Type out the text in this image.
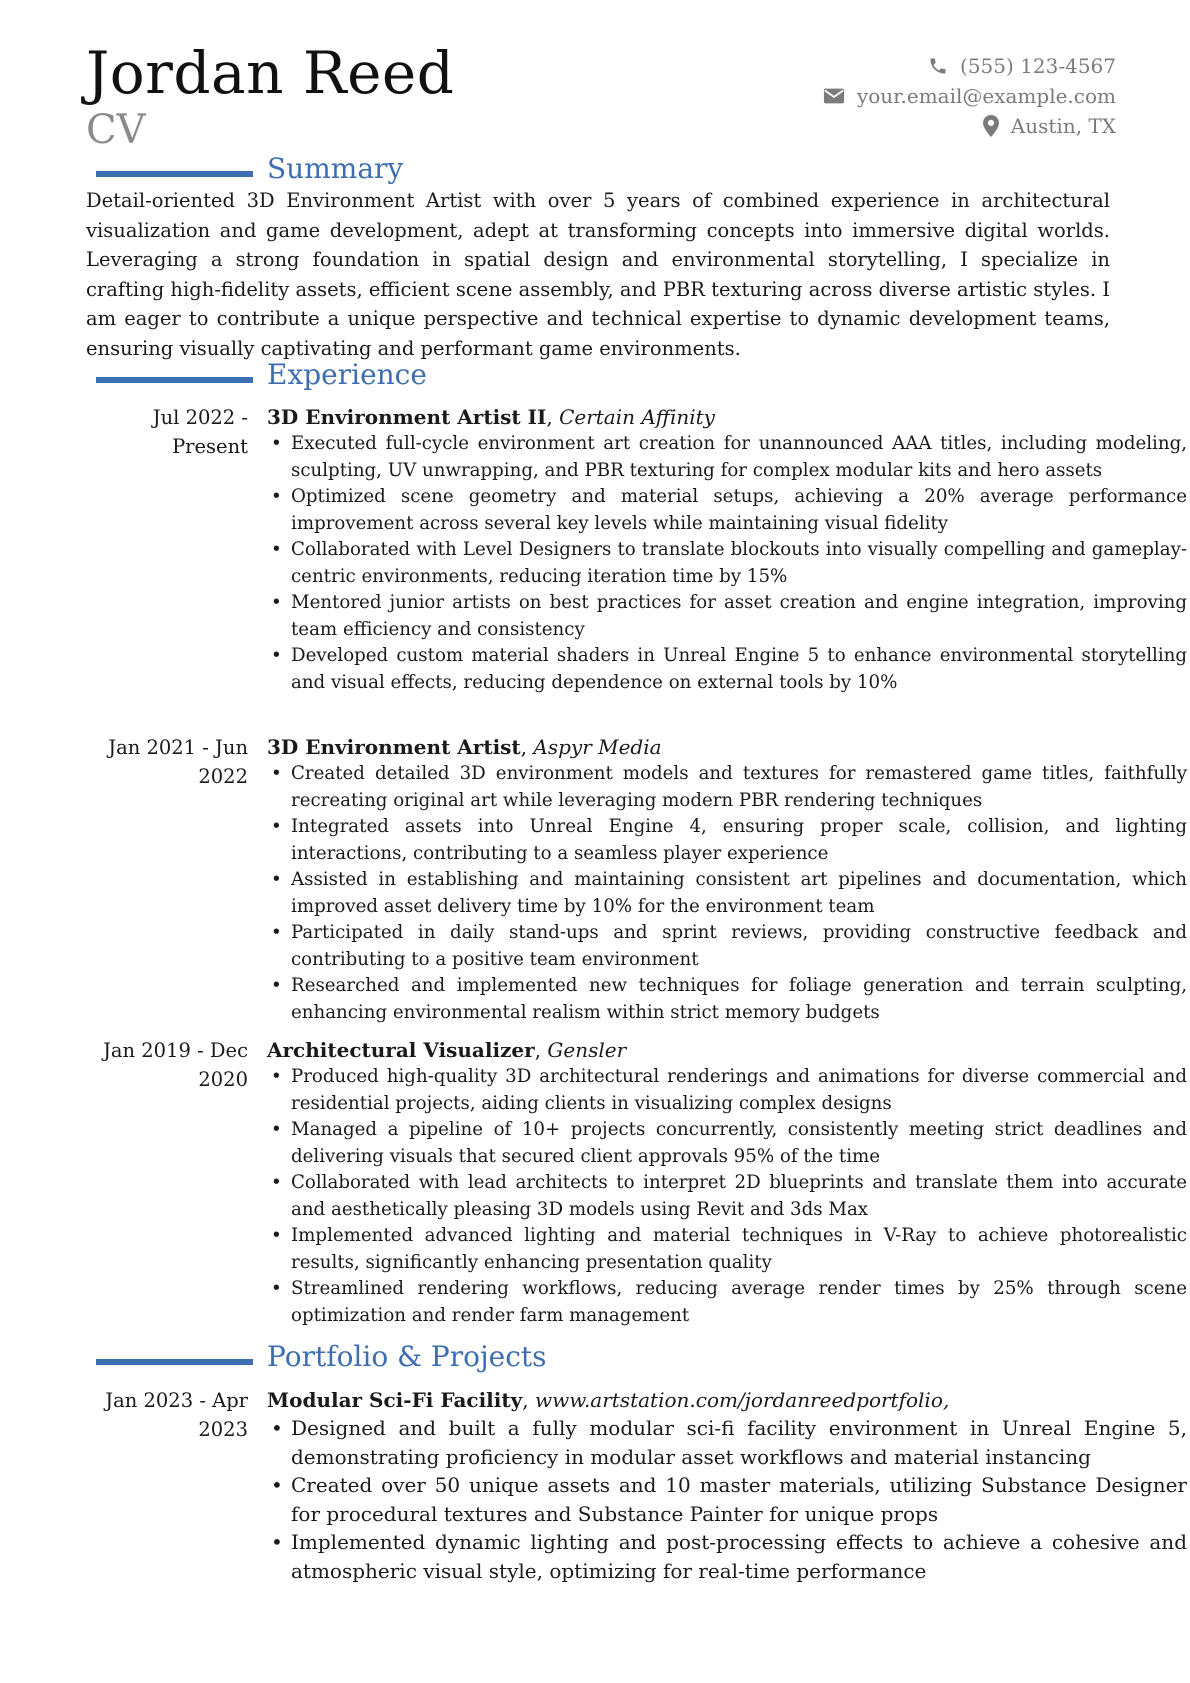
Jordan Reed
CV
(555) 123-4567
your.email@example.com
Austin, TX
Summary

Detail-oriented 3D Environment Artist with over 5 years of combined experience in architectural visualization and game development, adept at transforming concepts into immersive digital worlds. Leveraging a strong foundation in spatial design and environmental storytelling, I specialize in crafting high-fidelity assets, efficient scene assembly, and PBR texturing across diverse artistic styles. I am eager to contribute a unique perspective and technical expertise to dynamic development teams, ensuring visually captivating and performant game environments.

Experience
Jul 2022 - Present
3D Environment Artist II, Certain Affinity
• Executed full-cycle environment art creation for unannounced AAA titles, including modeling, sculpting, UV unwrapping, and PBR texturing for complex modular kits and hero assets
• Optimized scene geometry and material setups, achieving a 20% average performance improvement across several key levels while maintaining visual fidelity
• Collaborated with Level Designers to translate blockouts into visually compelling and gameplay-centric environments, reducing iteration time by 15%
• Mentored junior artists on best practices for asset creation and engine integration, improving team efficiency and consistency
• Developed custom material shaders in Unreal Engine 5 to enhance environmental storytelling and visual effects, reducing dependence on external tools by 10%
Jan 2021 - Jun 2022
3D Environment Artist, Aspyr Media
• Created detailed 3D environment models and textures for remastered game titles, faithfully recreating original art while leveraging modern PBR rendering techniques
• Integrated assets into Unreal Engine 4, ensuring proper scale, collision, and lighting interactions, contributing to a seamless player experience
• Assisted in establishing and maintaining consistent art pipelines and documentation, which improved asset delivery time by 10% for the environment team
• Participated in daily stand-ups and sprint reviews, providing constructive feedback and contributing to a positive team environment
• Researched and implemented new techniques for foliage generation and terrain sculpting, enhancing environmental realism within strict memory budgets
Jan 2019 - Dec 2020
Architectural Visualizer, Gensler
• Produced high-quality 3D architectural renderings and animations for diverse commercial and residential projects, aiding clients in visualizing complex designs
• Managed a pipeline of 10+ projects concurrently, consistently meeting strict deadlines and delivering visuals that secured client approvals 95% of the time
• Collaborated with lead architects to interpret 2D blueprints and translate them into accurate and aesthetically pleasing 3D models using Revit and 3ds Max
• Implemented advanced lighting and material techniques in V-Ray to achieve photorealistic results, significantly enhancing presentation quality
• Streamlined rendering workflows, reducing average render times by 25% through scene optimization and render farm management
Portfolio & Projects
Jan 2023 - Apr 2023
Modular Sci-Fi Facility, www.artstation.com/jordanreedportfolio,
• Designed and built a fully modular sci-fi facility environment in Unreal Engine 5, demonstrating proficiency in modular asset workflows and material instancing
• Created over 50 unique assets and 10 master materials, utilizing Substance Designer for procedural textures and Substance Painter for unique props
• Implemented dynamic lighting and post-processing effects to achieve a cohesive and atmospheric visual style, optimizing for real-time performance
